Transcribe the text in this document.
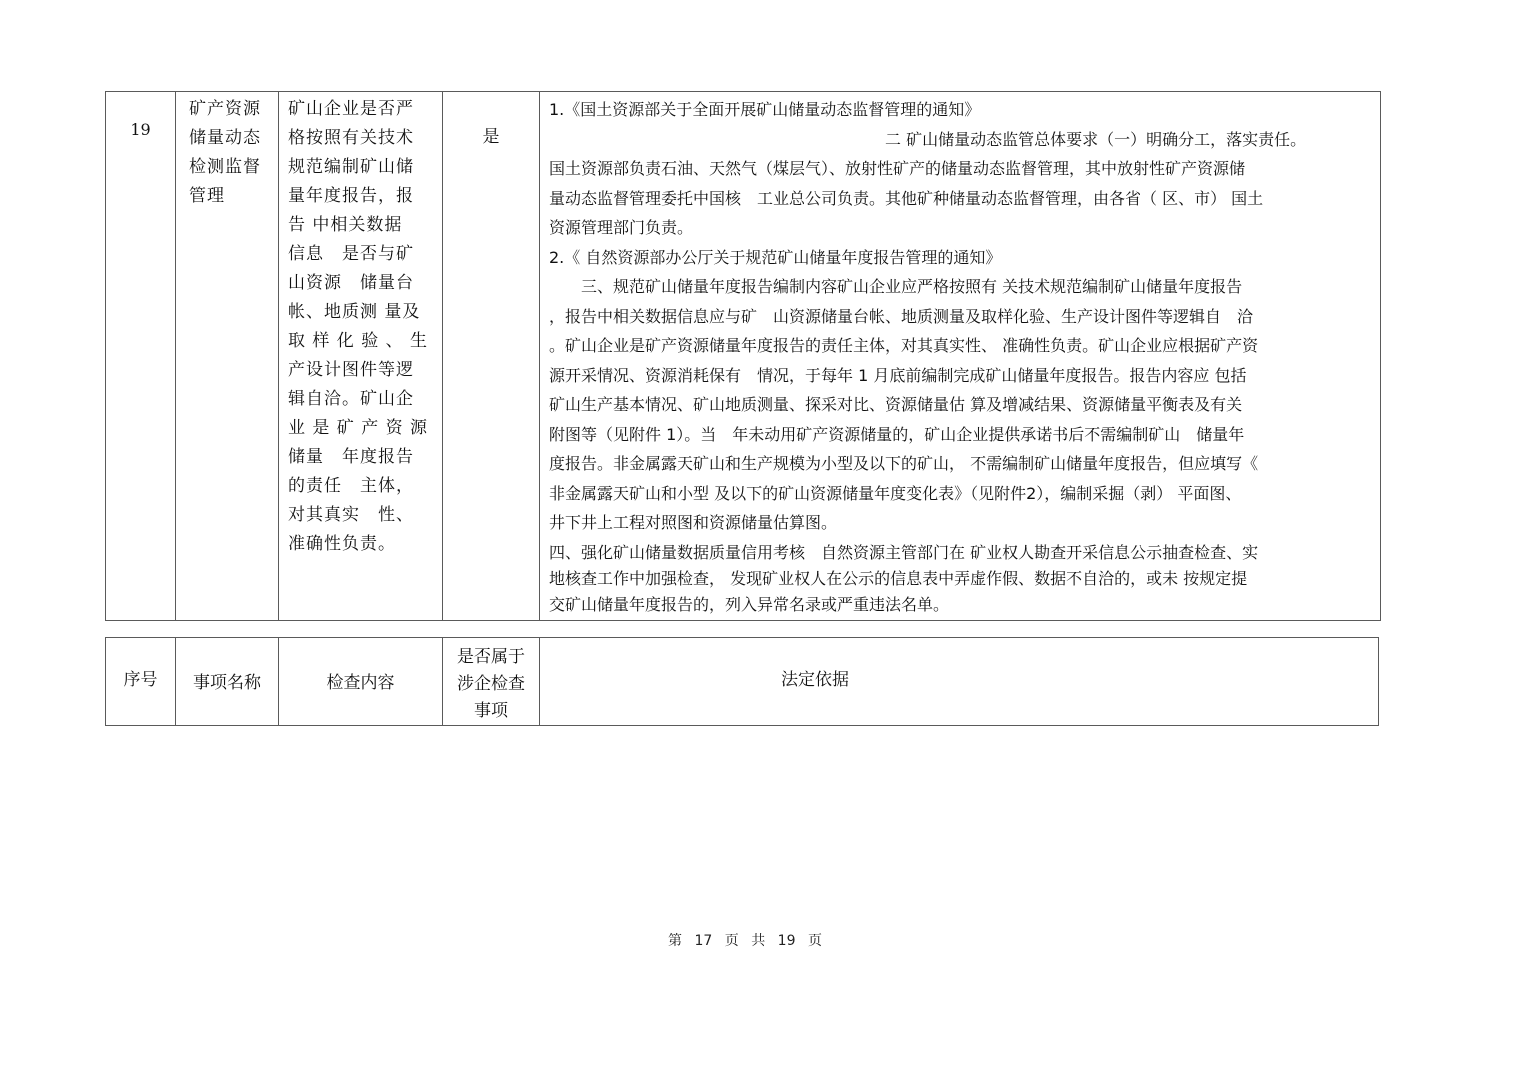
19
矿产资源
储量动态
检测监督
管理
矿山企业是否严
格按照有关技术
规范编制矿山储
量年度报告，报
告 中相关数据
信息　是否与矿
山资源　储量台
帐、地质测 量及
取 样 化 验 、 生
产设计图件等逻
辑自洽。矿山企
业 是 矿 产 资 源
储量　年度报告
的责任　主体，
对其真实　性、
准确性负责。
是
1.《国土资源部关于全面开展矿山储量动态监督管理的通知》
二 矿山储量动态监管总体要求（一）明确分工，落实责任。
国土资源部负责石油、天然气（煤层气）、放射性矿产的储量动态监督管理，其中放射性矿产资源储
量动态监督管理委托中国核　工业总公司负责。其他矿种储量动态监督管理，由各省（ 区、市） 国土
资源管理部门负责。
2.《 自然资源部办公厅关于规范矿山储量年度报告管理的通知》
　　三、规范矿山储量年度报告编制内容矿山企业应严格按照有 关技术规范编制矿山储量年度报告
，报告中相关数据信息应与矿　山资源储量台帐、地质测量及取样化验、生产设计图件等逻辑自　洽
。矿山企业是矿产资源储量年度报告的责任主体，对其真实性、 准确性负责。矿山企业应根据矿产资
源开采情况、资源消耗保有　情况，于每年 1 月底前编制完成矿山储量年度报告。报告内容应 包括
矿山生产基本情况、矿山地质测量、探采对比、资源储量估 算及增减结果、资源储量平衡表及有关
附图等（见附件 1）。当　年未动用矿产资源储量的，矿山企业提供承诺书后不需编制矿山　储量年
度报告。非金属露天矿山和生产规模为小型及以下的矿山， 不需编制矿山储量年度报告，但应填写《
非金属露天矿山和小型 及以下的矿山资源储量年度变化表》（见附件2），编制采掘（剥） 平面图、
井下井上工程对照图和资源储量估算图。
四、强化矿山储量数据质量信用考核　自然资源主管部门在 矿业权人勘查开采信息公示抽查检查、实
地核查工作中加强检查， 发现矿业权人在公示的信息表中弄虚作假、数据不自洽的，或未 按规定提
交矿山储量年度报告的，列入异常名录或严重违法名单。
序号	事项名称	检查内容
是否属于
涉企检查
事项
法定依据
第 17 页 共 19 页
